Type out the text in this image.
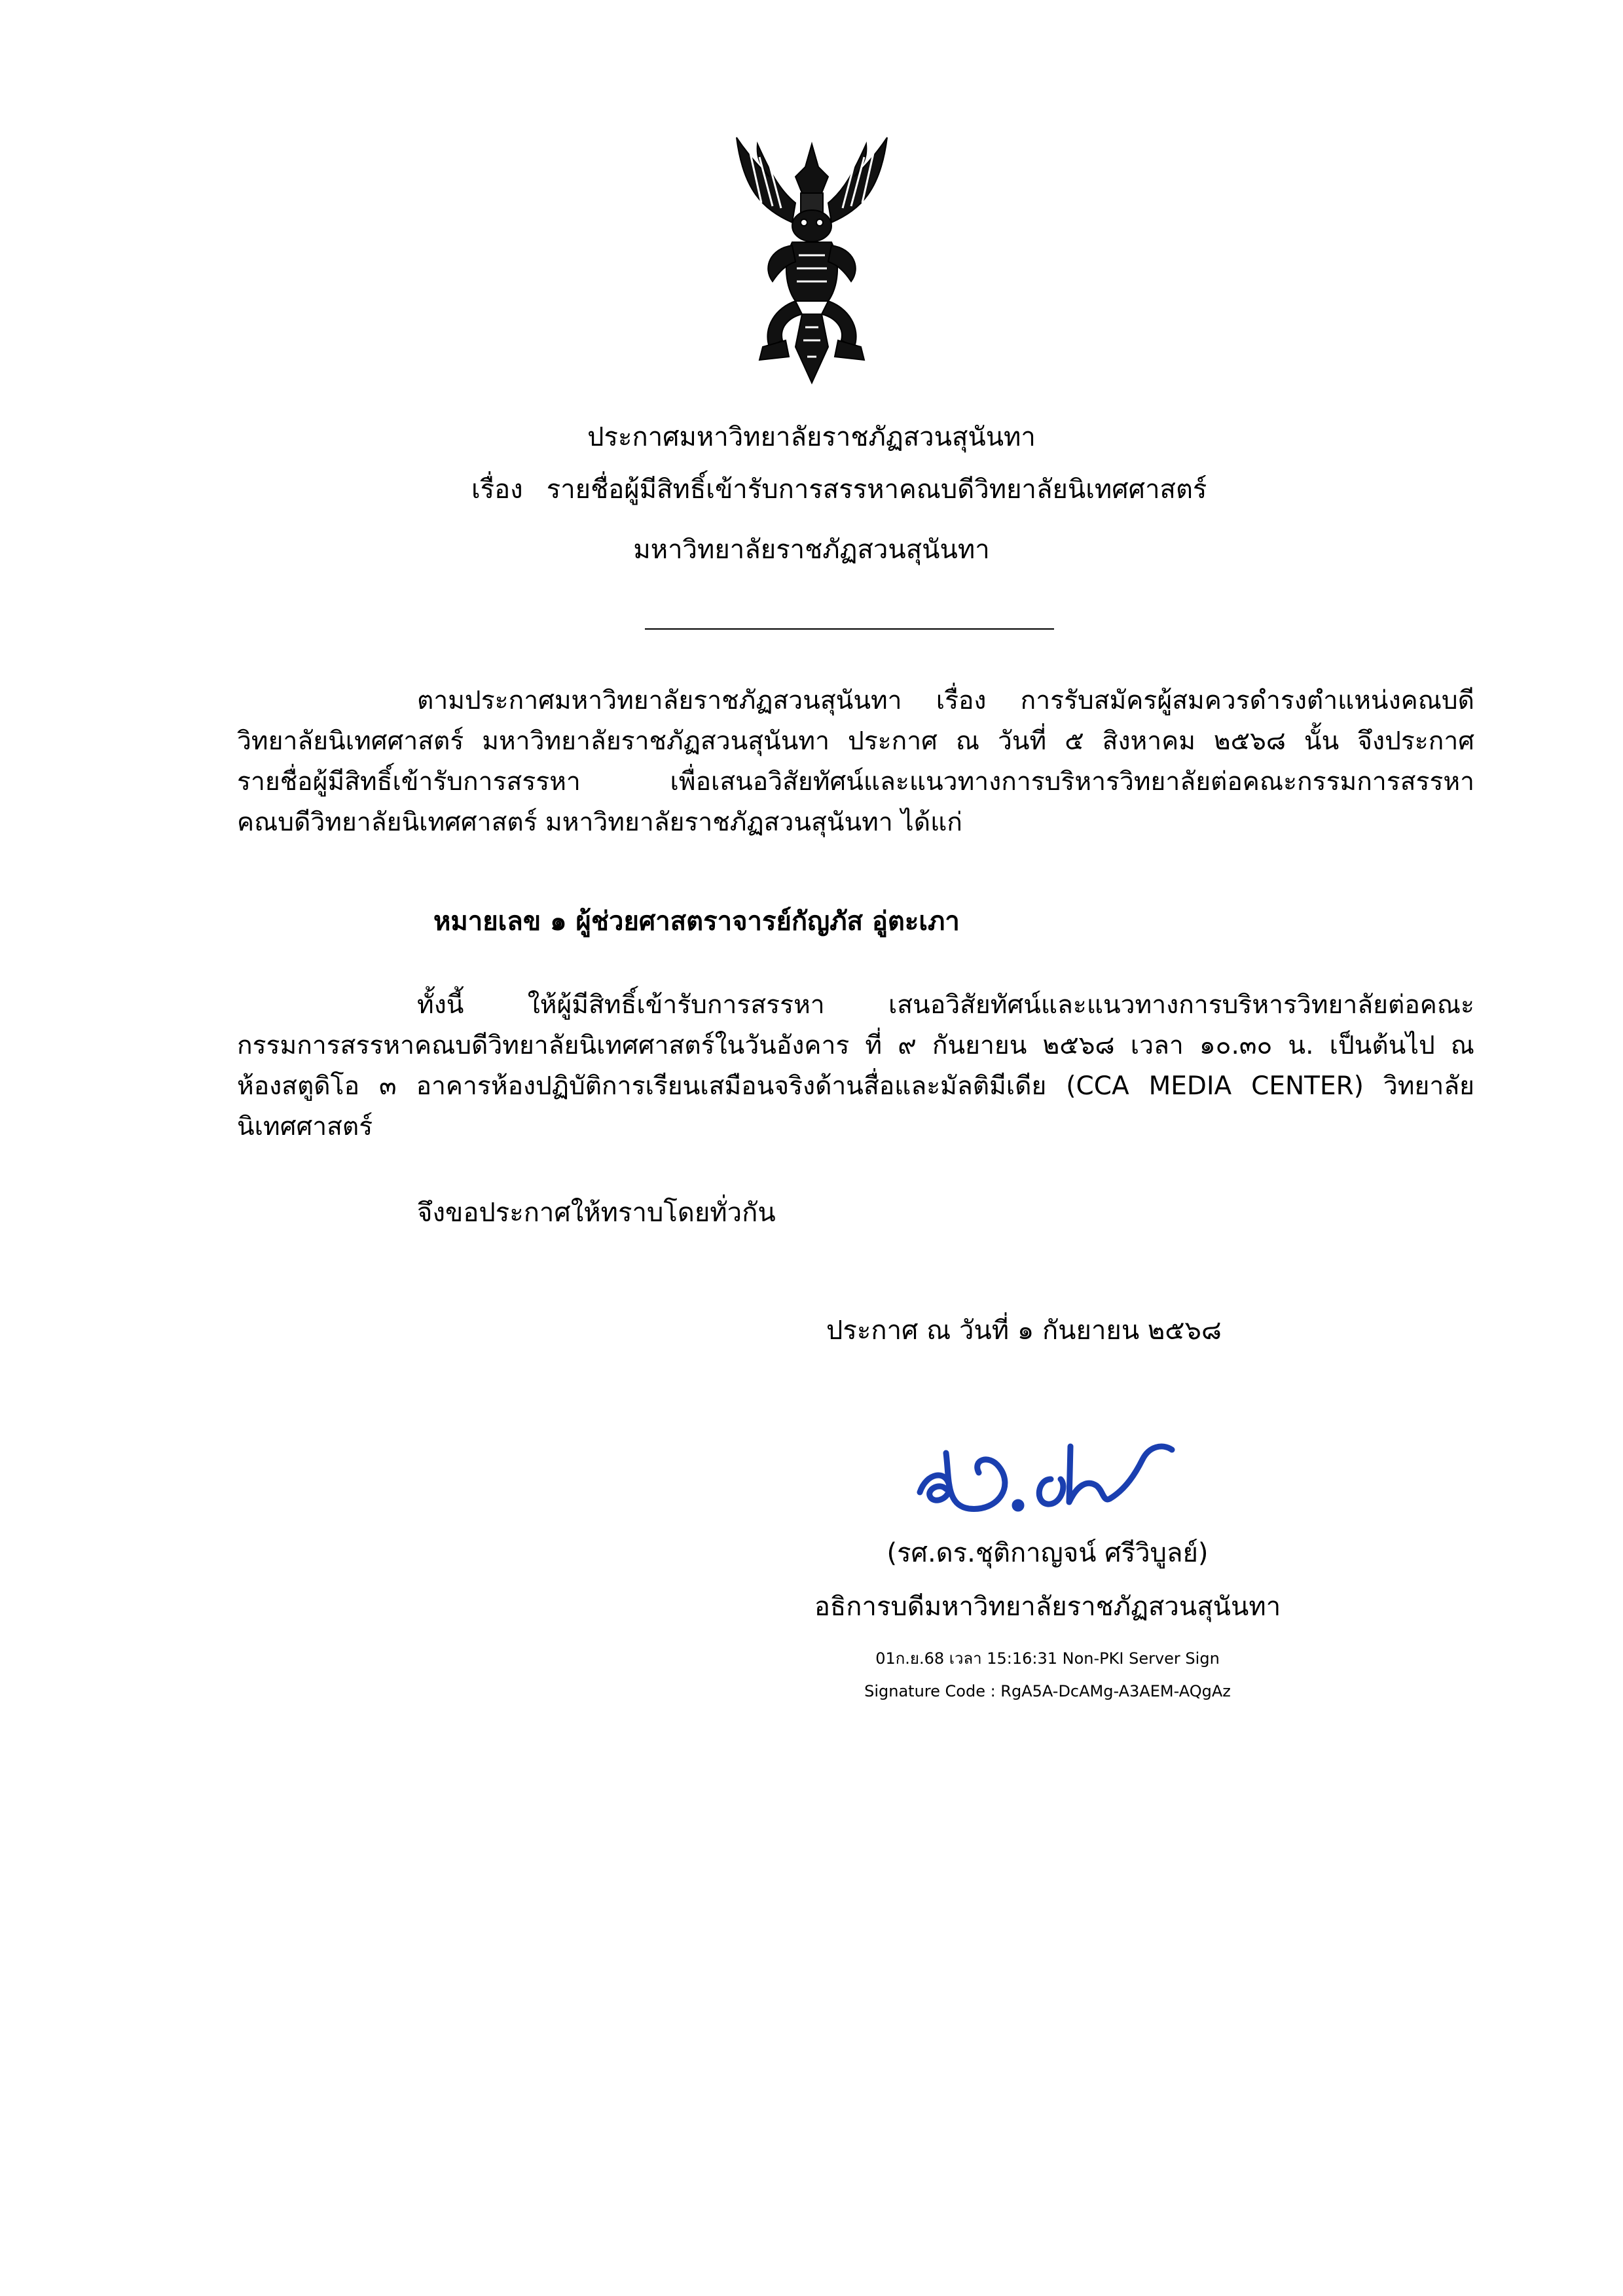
ประกาศมหาวิทยาลัยราชภัฏสวนสุนันทา
เรื่อง รายชื่อผู้มีสิทธิ์เข้ารับการสรรหาคณบดีวิทยาลัยนิเทศศาสตร์
มหาวิทยาลัยราชภัฏสวนสุนันทา
ตามประกาศมหาวิทยาลัยราชภัฏสวนสุนันทา เรื่อง การรับสมัครผู้สมควรดำรงตำแหน่งคณบดี
วิทยาลัยนิเทศศาสตร์ มหาวิทยาลัยราชภัฏสวนสุนันทา ประกาศ ณ วันที่ ๕ สิงหาคม ๒๕๖๘ นั้น จึงประกาศ
รายชื่อผู้มีสิทธิ์เข้ารับการสรรหา เพื่อเสนอวิสัยทัศน์และแนวทางการบริหารวิทยาลัยต่อคณะกรรมการสรรหา
คณบดีวิทยาลัยนิเทศศาสตร์ มหาวิทยาลัยราชภัฏสวนสุนันทา ได้แก่
หมายเลข ๑ ผู้ช่วยศาสตราจารย์กัญภัส อู่ตะเภา
ทั้งนี้ ให้ผู้มีสิทธิ์เข้ารับการสรรหา เสนอวิสัยทัศน์และแนวทางการบริหารวิทยาลัยต่อคณะ
กรรมการสรรหาคณบดีวิทยาลัยนิเทศศาสตร์ในวันอังคาร ที่ ๙ กันยายน ๒๕๖๘ เวลา ๑๐.๓๐ น. เป็นต้นไป ณ
ห้องสตูดิโอ ๓ อาคารห้องปฏิบัติการเรียนเสมือนจริงด้านสื่อและมัลติมีเดีย (CCA MEDIA CENTER) วิทยาลัย
นิเทศศาสตร์
จึงขอประกาศให้ทราบโดยทั่วกัน
ประกาศ ณ วันที่ ๑ กันยายน ๒๕๖๘
(รศ.ดร.ชุติกาญจน์ ศรีวิบูลย์)
อธิการบดีมหาวิทยาลัยราชภัฏสวนสุนันทา
01ก.ย.68 เวลา 15:16:31 Non-PKI Server Sign
Signature Code : RgA5A-DcAMg-A3AEM-AQgAz
